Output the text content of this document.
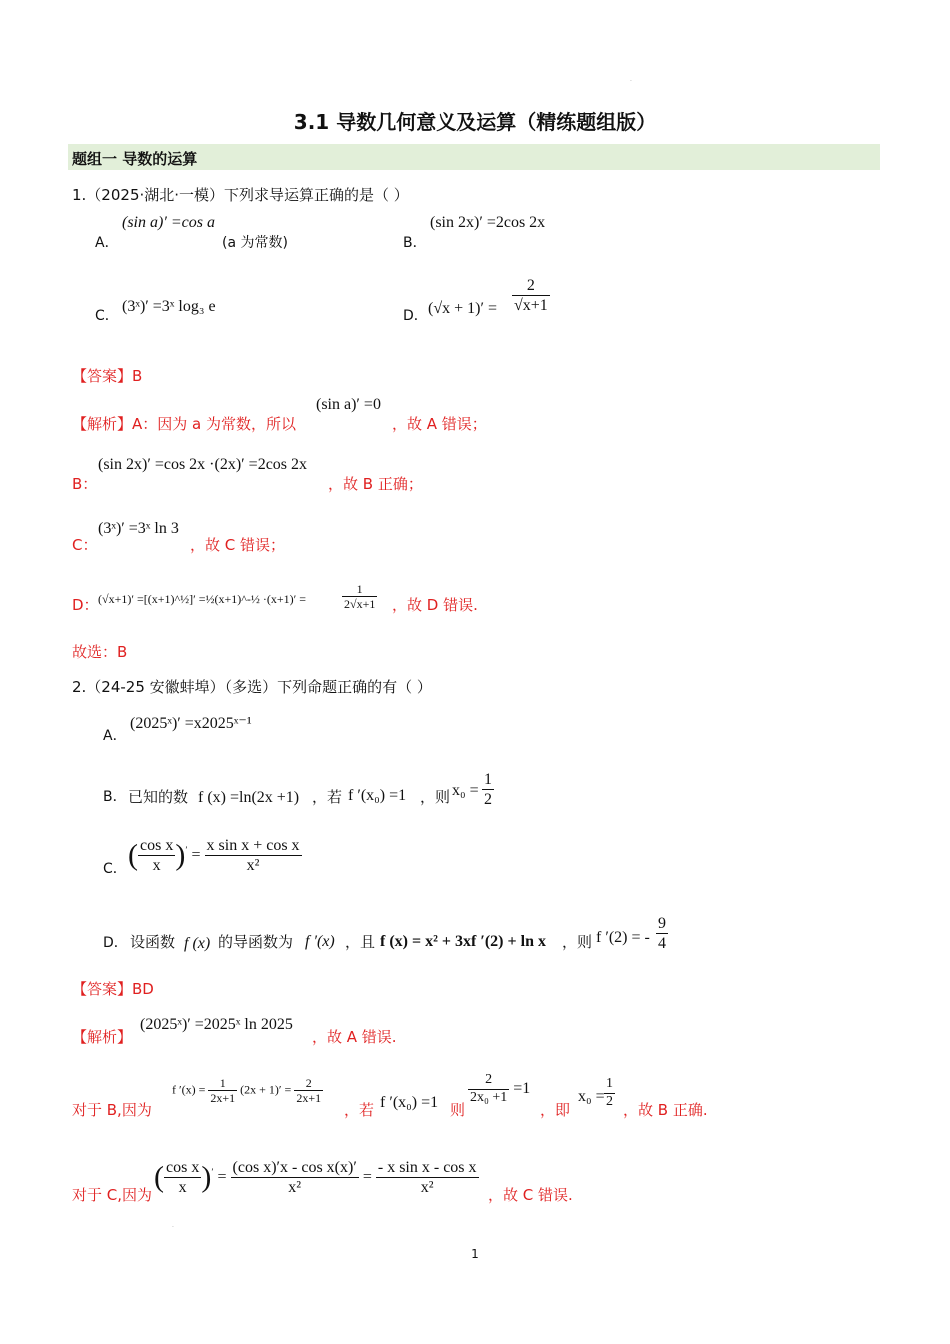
.
3.1 导数几何意义及运算（精练题组版）
题组一 导数的运算
1.（2025·湖北·一模）下列求导运算正确的是（ ）
A．
(sin a)′ =cos a
(a 为常数)	B．
(sin 2x)′ =2cos 2x
C．
(3ˣ)′ =3ˣ log₃ e
D． $(√x + 1)' = \frac{2}{√x+1}$
【答案】B
【解析】A：因为 a 为常数，所以
(sin a)′ =0
，故 A 错误；
B：
(sin 2x)′ =cos 2x ·(2x)′ =2cos 2x
，故 B 正确；
C：
(3ˣ)′ =3ˣ ln 3
，故 C 错误；
D： (√x+1)′ =[(x+1)^½]′ =½(x+1)^-½ ·(x+1)′ =	$\frac{1}{2√x+1}$ ，故 D 错误.
故选：B
2.（24-25 安徽蚌埠）（多选）下列命题正确的有（ ）
A．
(2025ˣ)′ =x2025ˣ⁻¹
B． 已知的数 f (x) =ln(2x +1) ，若 f ′(x₀) =1 ，则 $x_0 = \frac{1}{2}$
C． ( $\frac{\text{cos x}}{x} )' = \frac{\text{x sin x + cos x}}{\text{x²}}$
D． 设函数 f (x) 的导函数为 f ′(x) ，且 f (x) = x² + 3xf ′(2) + ln x ，则 f ′(2) = - $\frac{9}{4}$
【答案】BD
【解析】
(2025ˣ)′ =2025ˣ ln 2025
，故 A 错误.
对于 B,因为
f $'(x) = \frac{1}{2x+1} (2x + 1)' = \frac{2}{2x+1}$
，若 f ′(x₀) =1 则
$\frac{2}{\text{2x₀ +1}} =1$
，即
$x_0 = \frac{1}{2}$ ，故 B 正确.
对于 C,因为
( $\frac{\text{cos x}}{x} )' = \frac{\text{(cos x)′x - cos x(x)′}}{\text{x²}} = \frac{\text{- x sin x - cos x}}{\text{x²}}$ ，故 C 错误.
.
1
